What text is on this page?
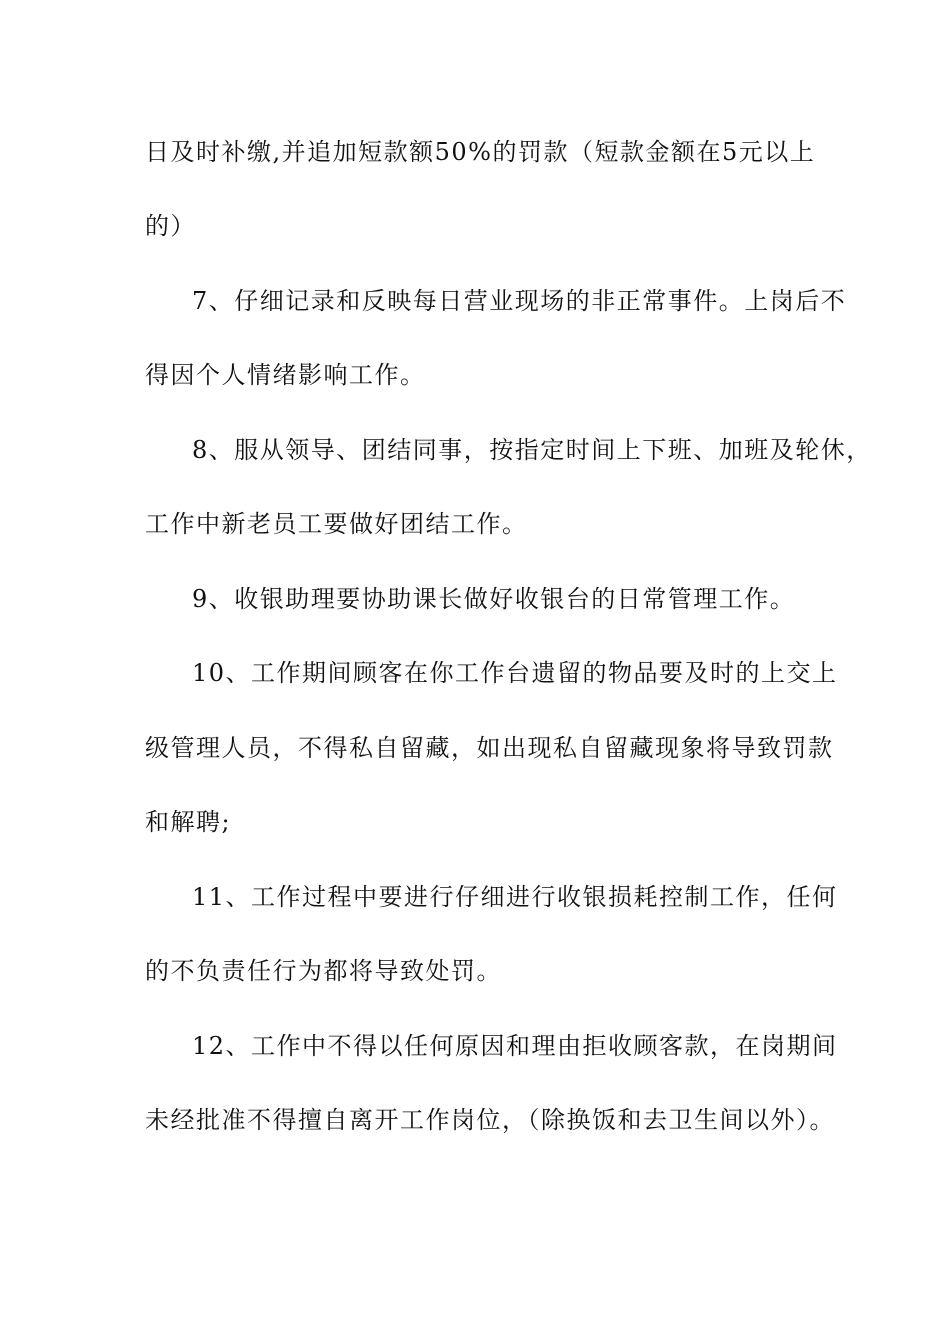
日及时补缴,并追加短款额50%的罚款（短款金额在5元以上
的）
7、仔细记录和反映每日营业现场的非正常事件。上岗后不
得因个人情绪影响工作。
8、服从领导、团结同事，按指定时间上下班、加班及轮休，
工作中新老员工要做好团结工作。
9、收银助理要协助课长做好收银台的日常管理工作。
10、工作期间顾客在你工作台遗留的物品要及时的上交上
级管理人员，不得私自留藏，如出现私自留藏现象将导致罚款
和解聘;
11、工作过程中要进行仔细进行收银损耗控制工作，任何
的不负责任行为都将导致处罚。
12、工作中不得以任何原因和理由拒收顾客款，在岗期间
未经批准不得擅自离开工作岗位，（除换饭和去卫生间以外）。
